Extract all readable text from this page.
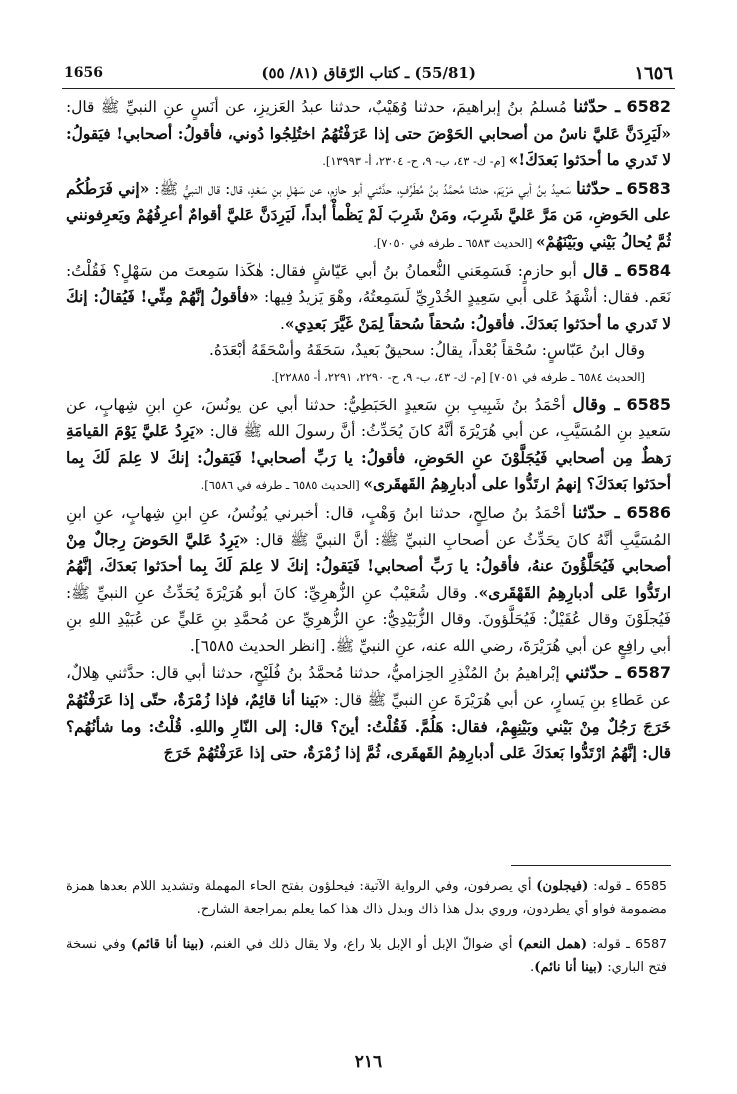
1656	(55/81) ـ كتاب الرّقاق (٨١/ ٥٥)	١٦٥٦

6582 ـ حدّثنا مُسلمُ بنُ إبراهيمَ، حدثنا وُهَيْبٌ، حدثنا عبدُ العَزيزِ، عن أنَسٍ عنِ النبيِّ ﷺ قال: «لَيَرِدَنَّ عَليَّ ناسٌ من أصحابي الحَوْضَ حتى إذا عَرَفْتُهُمُ اختُلِجُوا دُوني، فأقولُ: أصحابي! فيَقولُ: لا تَدري ما أحدَثوا بَعدَكَ!» [م- ك- ٤٣، ب- ٩، ح- ٢٣٠٤، أ- ١٣٩٩٣].

6583 ـ حدّثنا سَعيدُ بنُ أبي مَرْيَمَ، حدثنا مُحمَّدُ بنُ مُطَرِّفٍ، حدَّثني أبو حازمٍ، عن سَهْلِ بنِ سَعْدٍ، قال: قال النبيُّ ﷺ: «إني فَرَطُكُم على الحَوضِ، مَن مَرَّ عَليَّ شَرِبَ، ومَنْ شَرِبَ لَمْ يَظْمأْ أبداً، لَيَرِدَنَّ عَليَّ أقوامٌ أعرِفُهُمْ ويَعرِفونني ثُمَّ يُحالُ بَيْني وبَيْنَهُمْ» [الحديث ٦٥٨٣ ـ طرفه في ٧٠٥٠].

6584 ـ قال أبو حازمٍ: فَسَمِعَني النُّعمانُ بنُ أبي عَيّاشٍ فقال: هٰكَذا سَمِعتَ من سَهْلٍ؟ فَقُلْتُ: نَعَم. فقال: أشْهَدُ عَلى أبي سَعِيدٍ الخُدْرِيِّ لَسَمِعتُهُ، وهْوَ يَزيدُ فِيها: «فأقولُ إنَّهُمْ مِنِّي! فَيُقالُ: إنكَ لا تَدري ما أحدَثوا بَعدَكَ. فأقولُ: سُحقاً سُحقاً لِمَنْ غَيَّرَ بَعدِي».

وقال ابنُ عَبّاسٍ: سُحْقاً بُعْداً، يقالُ: سحيقٌ بَعيدٌ، سَحَقَهُ وأسْحَقَهُ أبْعَدَهُ.

[الحديث ٦٥٨٤ ـ طرفه في ٧٠٥١] [م- ك- ٤٣، ب- ٩، ح- ٢٢٩٠، ٢٢٩١، أ- ٢٢٨٨٥].

6585 ـ وقال أحْمَدُ بنُ شَبِيبِ بنِ سَعيدٍ الحَبَطِيُّ: حدثنا أبي عن يونُسَ، عنِ ابنِ شِهابٍ، عن سَعيدِ بنِ المُسَيَّبِ، عن أبي هُرَيْرَةَ أنَّهُ كانَ يُحَدِّثُ: أنَّ رسولَ الله ﷺ قال: «يَرِدُ عَليَّ يَوْمَ القيامَةِ رَهطٌ مِن أصحابي فَيُجَلَّوْنَ عنِ الحَوضِ، فأقولُ: يا رَبِّ أصحابي! فَيَقولُ: إنكَ لا عِلمَ لَكَ بِما أحدَثوا بَعدَكَ؟ إنهمُ ارتَدُّوا على أدبارِهِمُ القَهقَرى» [الحديث ٦٥٨٥ ـ طرفه في ٦٥٨٦].

6586 ـ حدّثنا أحْمَدُ بنُ صالِحٍ، حدثنا ابنُ وَهْبٍ، قال: أخبرني يُونُسُ، عنِ ابنِ شِهابٍ، عنِ ابنِ المُسَيَّبِ أنَّهُ كانَ يحَدِّثُ عن أصحابِ النبيِّ ﷺ: أنَّ النبيَّ ﷺ قال: «يَرِدُ عَليَّ الحَوضَ رِجالٌ مِنْ أصحابي فَيُحَلَّؤُونَ عنهُ، فأقولُ: يا رَبِّ أصحابي! فَيَقولُ: إنكَ لا عِلمَ لَكَ بِما أحدَثوا بَعدَكَ، إنَّهُمُ ارتَدُّوا عَلى أدبارِهِمُ القَهْقَرى». وقال شُعَيْبٌ عنِ الزُّهرِيِّ: كانَ أبو هُرَيْرَةَ يُحَدِّثُ عنِ النبيِّ ﷺ: فَيُجلَوْنَ وقال عُقَيْلٌ: فَيُحَلَّؤونَ. وقال الزُّبَيْدِيُّ: عنِ الزُّهرِيِّ عن مُحمَّدِ بنِ عَليٍّ عن عُبَيْدِ اللهِ بنِ أبي رافِعٍ عن أبي هُرَيْرَةَ، رضي الله عنه، عنِ النبيِّ ﷺ. [انظر الحديث ٦٥٨٥].

6587 ـ حدّثني إبْراهيمُ بنُ المُنْذِرِ الحِزاميُّ، حدثنا مُحمَّدُ بنُ فُلَيْحٍ، حدثنا أبي قال: حدَّثني هِلالٌ، عن عَطاءِ بنِ يَسارٍ، عن أبي هُرَيْرَةَ عنِ النبيِّ ﷺ قال: «بَينا أنا قائِمٌ، فإذا زُمْرَةٌ، حتّى إذا عَرَفْتُهُمْ خَرَجَ رَجُلٌ مِنْ بَيْني وبَيْنِهِمْ، فقال: هَلُمَّ. فَقُلْتُ: أينَ؟ قال: إلى النّارِ واللهِ. قُلْتُ: وما شأنُهُم؟ قال: إنَّهُمُ ارْتَدُّوا بَعدَكَ عَلى أدبارِهِمُ القَهقَرى، ثُمَّ إذا زُمْرَةٌ، حتى إذا عَرَفْتُهُمْ خَرَجَ

6585 ـ قوله: (فيجلون) أي يصرفون، وفي الرواية الآتية: فيحلؤون بفتح الحاء المهملة وتشديد اللام بعدها همزة مضمومة فواو أي يطردون، وروي بدل هذا ذاك وبدل ذاك هذا كما يعلم بمراجعة الشارح.

6587 ـ قوله: (همل النعم) أي ضوالّ الإبل أو الإبل بلا راع، ولا يقال ذلك في الغنم، (بينا أنا قائم) وفي نسخة فتح الباري: (بينا أنا نائم).

٢١٦
